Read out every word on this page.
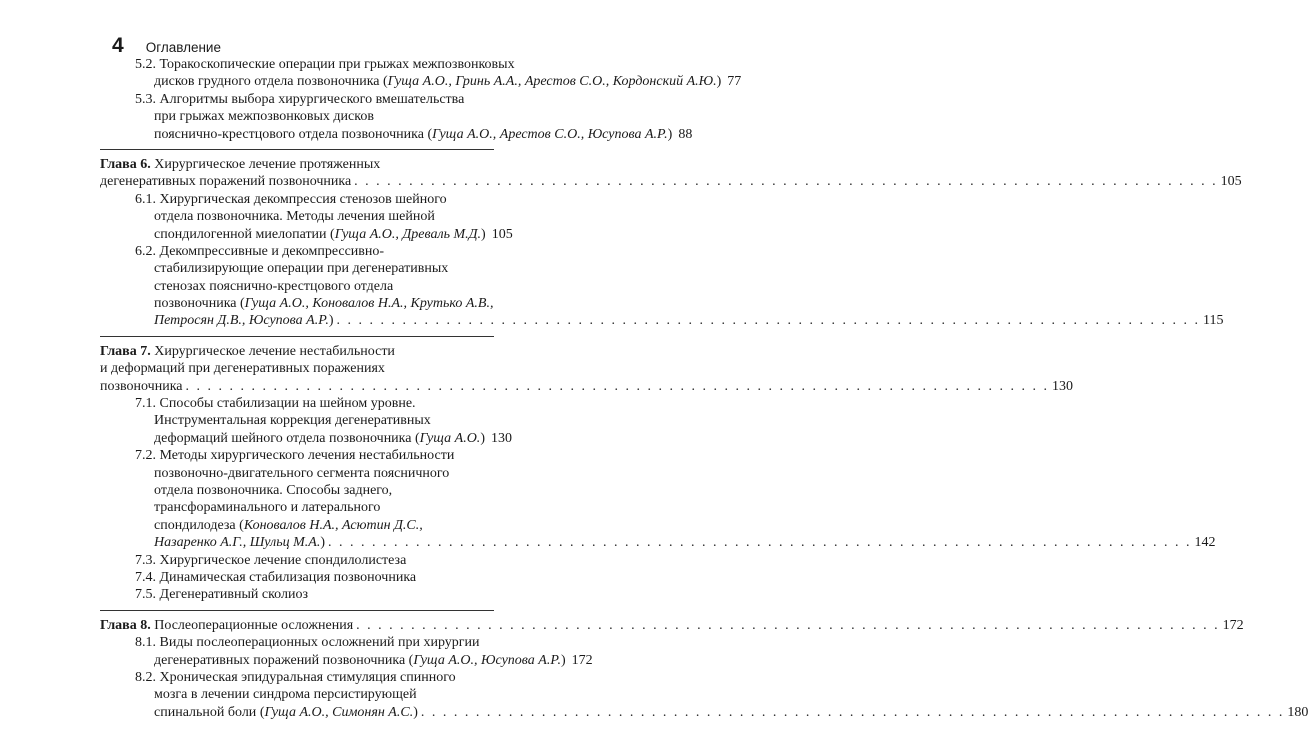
4 Оглавление
5.2. Торакоскопические операции при грыжах межпозвонковых
дисков грудного отдела позвоночника (Гуща А.О., Гринь А.А., Арестов С.О., Кордонский А.Ю.) 77
5.3. Алгоритмы выбора хирургического вмешательства
при грыжах межпозвонковых дисков
пояснично-крестцового отдела позвоночника (Гуща А.О., Арестов С.О., Юсупова А.Р.) 88
Глава 6. Хирургическое лечение протяженных
дегенеративных поражений позвоночника . . . . . . . . . . . . . . . . . . . . . . . . . . . . . . . . . . . . . . . . . . . . . . . . . . . . . . . . . . . . . . . . . . . . . . . . . . . . . . . 105
6.1. Хирургическая декомпрессия стенозов шейного
отдела позвоночника. Методы лечения шейной
спондилогенной миелопатии (Гуща А.О., Древаль М.Д.) 105
6.2. Декомпрессивные и декомпрессивно-
стабилизирующие операции при дегенеративных
стенозах пояснично-крестцового отдела
позвоночника (Гуща А.О., Коновалов Н.А., Крутько А.В.,
Петросян Д.В., Юсупова А.Р.) . . . . . . . . . . . . . . . . . . . . . . . . . . . . . . . . . . . . . . . . . . . . . . . . . . . . . . . . . . . . . . . . . . . . . . . . . . . . . . . 115
Глава 7. Хирургическое лечение нестабильности
и деформаций при дегенеративных поражениях
позвоночника . . . . . . . . . . . . . . . . . . . . . . . . . . . . . . . . . . . . . . . . . . . . . . . . . . . . . . . . . . . . . . . . . . . . . . . . . . . . . . . 130
7.1. Способы стабилизации на шейном уровне.
Инструментальная коррекция дегенеративных
деформаций шейного отдела позвоночника (Гуща А.О.) 130
7.2. Методы хирургического лечения нестабильности
позвоночно-двигательного сегмента поясничного
отдела позвоночника. Способы заднего,
трансфораминального и латерального
спондилодеза (Коновалов Н.А., Асютин Д.С.,
Назаренко А.Г., Шульц М.А.) . . . . . . . . . . . . . . . . . . . . . . . . . . . . . . . . . . . . . . . . . . . . . . . . . . . . . . . . . . . . . . . . . . . . . . . . . . . . . . . 142
7.3. Хирургическое лечение спондилолистеза
7.4. Динамическая стабилизация позвоночника
7.5. Дегенеративный сколиоз
Глава 8. Послеоперационные осложнения . . . . . . . . . . . . . . . . . . . . . . . . . . . . . . . . . . . . . . . . . . . . . . . . . . . . . . . . . . . . . . . . . . . . . . . . . . . . . . . 172
8.1. Виды послеоперационных осложнений при хирургии
дегенеративных поражений позвоночника (Гуща А.О., Юсупова А.Р.) 172
8.2. Хроническая эпидуральная стимуляция спинного
мозга в лечении синдрома персистирующей
спинальной боли (Гуща А.О., Симонян А.С.) . . . . . . . . . . . . . . . . . . . . . . . . . . . . . . . . . . . . . . . . . . . . . . . . . . . . . . . . . . . . . . . . . . . . . . . . . . . . . . . 180
